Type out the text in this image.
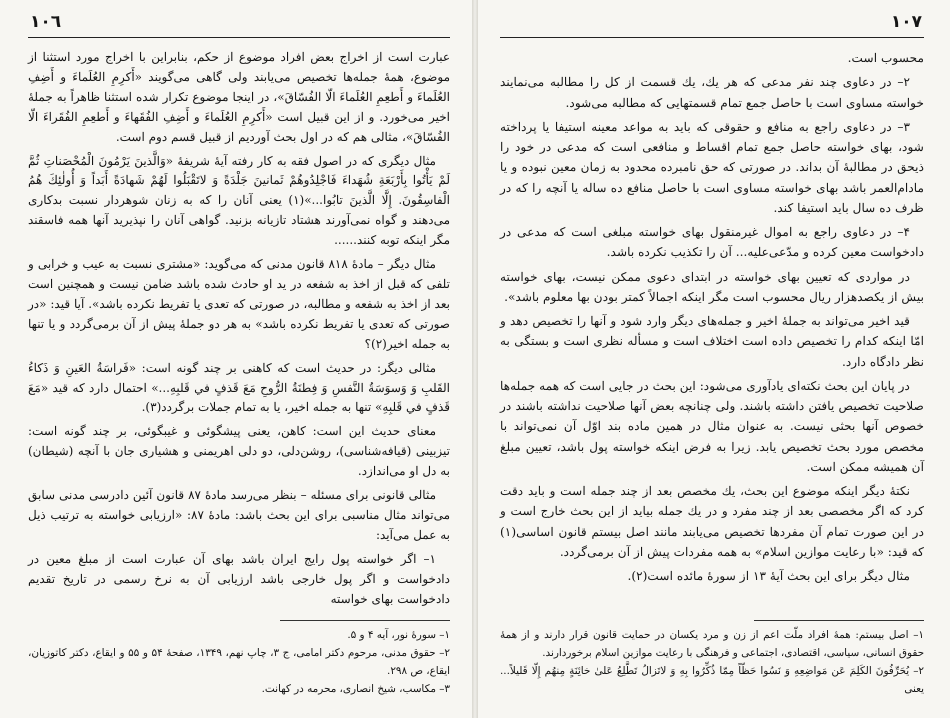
١٠٦

عبارت است از اخراج بعض افراد موضوع از حکم، بنابراین با اخراج مورد استثنا از موضوع، همهٔ جمله‌ها تخصیص می‌یابند ولی گاهی می‌گویند «أَکرِمِ العُلَماءَ و أَضِفِ العُلَماءَ و أَطعِمِ العُلَماءَ الّا الفُسّاقَ»، در اینجا موضوع تکرار شده استثنا ظاهراً به جملهٔ اخیر می‌خورد. و از این قبیل است «أَکرِمِ العُلَماءَ و أَضِفِ الفُقَهاءَ و أَطعِمِ الفُقَراءَ الّا الفُسّاقَ»، مثالی هم که در اول بحث آوردیم از قبیل قسم دوم است.

مثال دیگری که در اصول فقه به کار رفته آیهٔ شریفهٔ «وَالَّذينَ يَرْمُونَ الْمُحْصَناتِ ثُمَّ لَمْ يَأْتُوا بِأَرْبَعَةِ شُهَداءَ فَاجْلِدُوهُمْ ثَمانينَ جَلْدَةً وَ لاتَقْبَلُوا لَهُمْ شَهادَةً أَبَداً وَ أُولٰئِكَ هُمُ الْفاسِقُونَ. إِلَّا الَّذينَ تابُوا...»(۱) یعنی آنان را که به زنان شوهردار نسبت بدکاری می‌دهند و گواه نمی‌آورند هشتاد تازیانه بزنید. گواهی آنان را نپذیرید آنها همه فاسقند مگر اینکه توبه کنند......

مثال دیگر – مادهٔ ۸۱۸ قانون مدنی که می‌گوید: «مشتری نسبت به عیب و خرابی و تلفی که قبل از اخذ به شفعه در ید او حادث شده باشد ضامن نیست و همچنین است بعد از اخذ به شفعه و مطالبه، در صورتی که تعدی یا تفریط نکرده باشد». آیا قید: «در صورتی که تعدی یا تفریط نکرده باشد» به هر دو جملهٔ پیش از آن برمی‌گردد و یا تنها به جمله اخیر(۲)؟

مثالی دیگر: در حدیث است که کاهنی بر چند گونه است: «فَراسَةُ العَينِ وَ ذَكاءُ القَلبِ وَ وَسوَسَةُ النَّفسِ وَ فِطنَةُ الرُّوحِ مَعَ قَذفٍ في قَلبِهِ...» احتمال دارد که قید «مَعَ قَذفٍ في قَلبِهِ» تنها به جمله اخیر، یا به تمام جملات برگردد(۳).

معنای حدیث این است: کاهن، یعنی پیشگوئی و غیبگوئی، بر چند گونه است: تیزبینی (قیافه‌شناسی)، روشن‌دلی، دو دلی اهریمنی و هشیاری جان با آنچه (شیطان) به دل او می‌اندازد.

مثالی قانونی برای مسئله – بنظر می‌رسد مادهٔ ۸۷ قانون آئین دادرسی مدنی سابق می‌تواند مثال مناسبی برای این بحث باشد: مادهٔ ۸۷: «ارزیابی خواسته به ترتیب ذیل به عمل می‌آید:

۱– اگر خواسته پول رایج ایران باشد بهای آن عبارت است از مبلغ معین در دادخواست و اگر پول خارجی باشد ارزیابی آن به نرخ رسمی در تاریخ تقدیم دادخواست بهای خواسته

۱– سورهٔ نور، آیه ۴ و ۵.
۲– حقوق مدنی، مرحوم دکتر امامی، ج ۳، چاپ نهم، ۱۳۴۹، صفحهٔ ۵۴ و ۵۵ و ایقاع، دکتر کاتوزیان، ایقاع، ص ۲۹۸.
۳– مکاسب، شیخ انصاری، محرمه در کهانت.
١٠٧

محسوب است.

۲– در دعاوی چند نفر مدعی که هر یك، یك قسمت از کل را مطالبه می‌نمایند خواسته مساوی است با حاصل جمع تمام قسمتهایی که مطالبه می‌شود.

۳– در دعاوی راجع به منافع و حقوقی که باید به مواعد معینه استیفا یا پرداخته شود، بهای خواسته حاصل جمع تمام اقساط و منافعی است که مدعی در خود را ذیحق در مطالبهٔ آن بداند. در صورتی که حق نامبرده محدود به زمان معین نبوده و یا مادام‌العمر باشد بهای خواسته مساوی است با حاصل منافع ده ساله یا آنچه را که در ظرف ده سال باید استیفا کند.

۴– در دعاوی راجع به اموال غیرمنقول بهای خواسته مبلغی است که مدعی در دادخواست معین کرده و مدّعی‌علیه... آن را تکذیب نکرده باشد.

در مواردی که تعیین بهای خواسته در ابتدای دعوی ممکن نیست، بهای خواسته بیش از یکصدهزار ریال محسوب است مگر اینکه اجمالاً کمتر بودن بها معلوم باشد».

قید اخیر می‌تواند به جملهٔ اخیر و جمله‌های دیگر وارد شود و آنها را تخصیص دهد و امّا اینکه کدام را تخصیص داده است اختلاف است و مسأله نظری است و بستگی به نظر دادگاه دارد.

در پایان این بحث نکته‌ای یادآوری می‌شود: این بحث در جایی است که همه جمله‌ها صلاحیت تخصیص یافتن داشته باشند. ولی چنانچه بعض آنها صلاحیت نداشته باشند در خصوص آنها بحثی نیست. به عنوان مثال در همین ماده بند اوّل آن نمی‌تواند با مخصص مورد بحث تخصیص یابد. زیرا به فرض اینکه خواسته پول باشد، تعیین مبلغ آن همیشه ممکن است.

نکتهٔ دیگر اینکه موضوع این بحث، یك مخصص بعد از چند جمله است و باید دقت کرد که اگر مخصصی بعد از چند مفرد و در یك جمله بیاید از این بحث خارج است و در این صورت تمام آن مفردها تخصیص می‌یابند مانند اصل بیستم قانون اساسی(۱) که قید: «با رعایت موازین اسلام» به همه مفردات پیش از آن برمی‌گردد.

مثال دیگر برای این بحث آیهٔ ۱۳ از سورهٔ مائده است(۲).

۱– اصل بیستم: همهٔ افراد ملّت اعم از زن و مرد یکسان در حمایت قانون قرار دارند و از همهٔ حقوق انسانی، سیاسی، اقتصادی، اجتماعی و فرهنگی با رعایت موازین اسلام برخوردارند.
۲– یُحَرِّفُونَ الكَلِمَ عَن مَواضِعِهِ وَ نَسُوا حَظّاً مِمّا ذُكِّرُوا بِهِ وَ لاتَزالُ تَطَّلِعُ عَلىٰ خائِنَةٍ مِنهُم إِلّا قَليلاً... یعنی
